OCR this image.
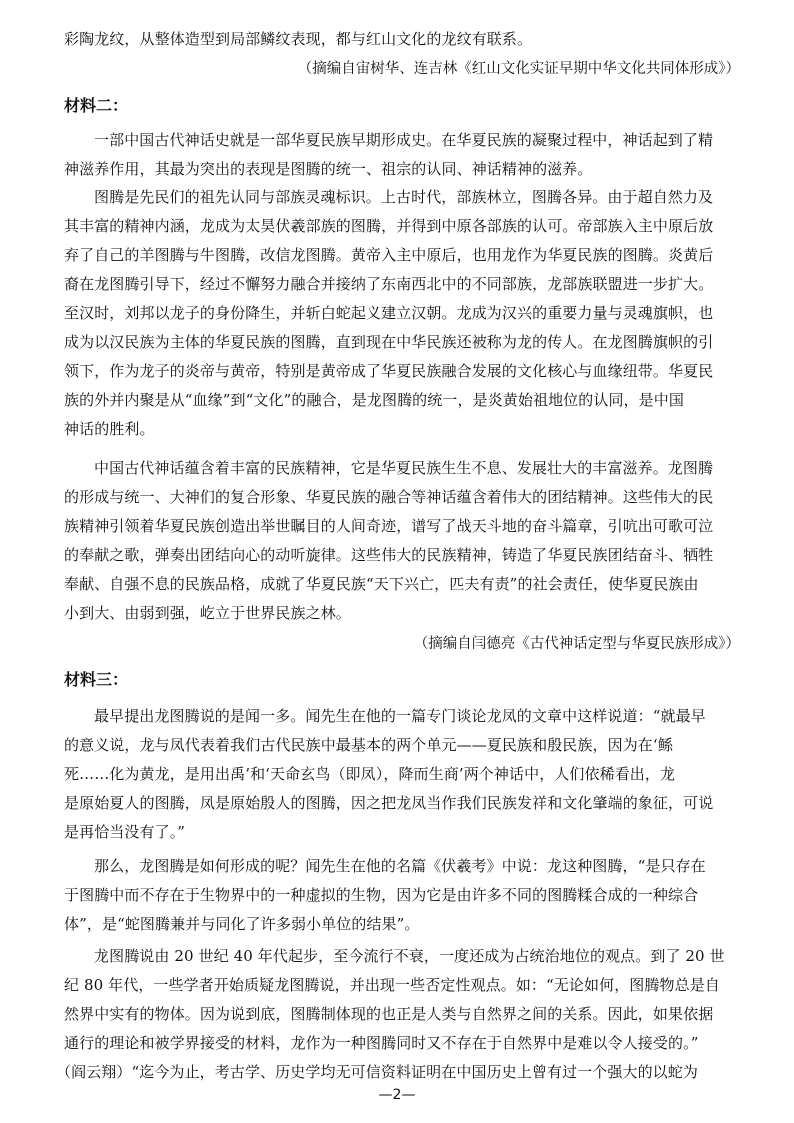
彩陶龙纹，从整体造型到局部鳞纹表现，都与红山文化的龙纹有联系。
（摘编自宙树华、连吉林《红山文化实证早期中华文化共同体形成》）
材料二：
一部中国古代神话史就是一部华夏民族早期形成史。在华夏民族的凝聚过程中，神话起到了精
神滋养作用，其最为突出的表现是图腾的统一、祖宗的认同、神话精神的滋养。
图腾是先民们的祖先认同与部族灵魂标识。上古时代，部族林立，图腾各异。由于超自然力及
其丰富的精神内涵，龙成为太昊伏羲部族的图腾，并得到中原各部族的认可。帝部族入主中原后放
弃了自己的羊图腾与牛图腾，改信龙图腾。黄帝入主中原后，也用龙作为华夏民族的图腾。炎黄后
裔在龙图腾引导下，经过不懈努力融合并接纳了东南西北中的不同部族，龙部族联盟进一步扩大。
至汉时，刘邦以龙子的身份降生，并斩白蛇起义建立汉朝。龙成为汉兴的重要力量与灵魂旗帜，也
成为以汉民族为主体的华夏民族的图腾，直到现在中华民族还被称为龙的传人。在龙图腾旗帜的引
领下，作为龙子的炎帝与黄帝，特别是黄帝成了华夏民族融合发展的文化核心与血缘纽带。华夏民
族的外并内聚是从“血缘”到“文化”的融合，是龙图腾的统一，是炎黄始祖地位的认同，是中国
神话的胜利。
中国古代神话蕴含着丰富的民族精神，它是华夏民族生生不息、发展壮大的丰富滋养。龙图腾
的形成与统一、大神们的复合形象、华夏民族的融合等神话蕴含着伟大的团结精神。这些伟大的民
族精神引领着华夏民族创造出举世瞩目的人间奇迹，谱写了战天斗地的奋斗篇章，引吭出可歌可泣
的奉献之歌，弹奏出团结向心的动听旋律。这些伟大的民族精神，铸造了华夏民族团结奋斗、牺牲
奉献、自强不息的民族品格，成就了华夏民族“天下兴亡，匹夫有责”的社会责任，使华夏民族由
小到大、由弱到强，屹立于世界民族之林。
（摘编自闫德亮《古代神话定型与华夏民族形成》）
材料三：
最早提出龙图腾说的是闻一多。闻先生在他的一篇专门谈论龙凤的文章中这样说道：“就最早
的意义说，龙与凤代表着我们古代民族中最基本的两个单元——夏民族和殷民族，因为在‘鲧
死……化为黄龙，是用出禹’和‘天命玄鸟（即凤），降而生商’两个神话中，人们依稀看出，龙
是原始夏人的图腾，凤是原始殷人的图腾，因之把龙凤当作我们民族发祥和文化肇端的象征，可说
是再恰当没有了。”
那么，龙图腾是如何形成的呢？闻先生在他的名篇《伏羲考》中说：龙这种图腾，“是只存在
于图腾中而不存在于生物界中的一种虚拟的生物，因为它是由许多不同的图腾糅合成的一种综合
体”，是“蛇图腾兼并与同化了许多弱小单位的结果”。
龙图腾说由 20 世纪 40 年代起步，至今流行不衰，一度还成为占统治地位的观点。到了 20 世
纪 80 年代，一些学者开始质疑龙图腾说，并出现一些否定性观点。如：“无论如何，图腾物总是自
然界中实有的物体。因为说到底，图腾制体现的也正是人类与自然界之间的关系。因此，如果依据
通行的理论和被学界接受的材料，龙作为一种图腾同时又不存在于自然界中是难以令人接受的。”
（阎云翔）“迄今为止，考古学、历史学均无可信资料证明在中国历史上曾有过一个强大的以蛇为
—2—
